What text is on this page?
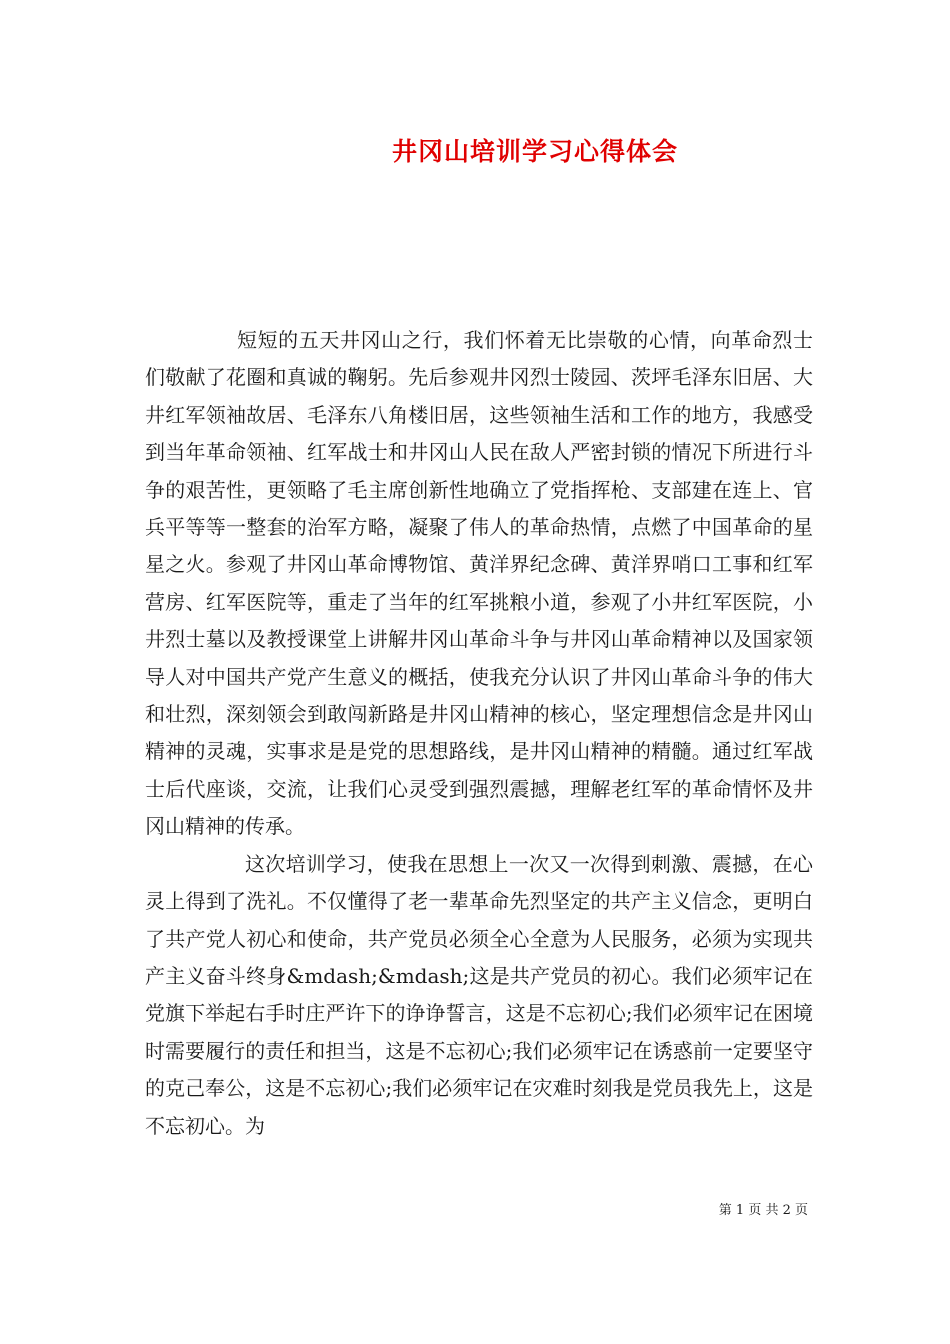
井冈山培训学习心得体会

短短的五天井冈山之行，我们怀着无比崇敬的心情，向革命烈士们敬献了花圈和真诚的鞠躬。先后参观井冈烈士陵园、茨坪毛泽东旧居、大井红军领袖故居、毛泽东八角楼旧居，这些领袖生活和工作的地方，我感受到当年革命领袖、红军战士和井冈山人民在敌人严密封锁的情况下所进行斗争的艰苦性，更领略了毛主席创新性地确立了党指挥枪、支部建在连上、官兵平等等一整套的治军方略，凝聚了伟人的革命热情，点燃了中国革命的星星之火。参观了井冈山革命博物馆、黄洋界纪念碑、黄洋界哨口工事和红军营房、红军医院等，重走了当年的红军挑粮小道，参观了小井红军医院，小井烈士墓以及教授课堂上讲解井冈山革命斗争与井冈山革命精神以及国家领导人对中国共产党产生意义的概括，使我充分认识了井冈山革命斗争的伟大和壮烈，深刻领会到敢闯新路是井冈山精神的核心，坚定理想信念是井冈山精神的灵魂，实事求是是党的思想路线，是井冈山精神的精髓。通过红军战士后代座谈，交流，让我们心灵受到强烈震撼，理解老红军的革命情怀及井冈山精神的传承。

这次培训学习，使我在思想上一次又一次得到刺激、震撼，在心灵上得到了洗礼。不仅懂得了老一辈革命先烈坚定的共产主义信念，更明白了共产党人初心和使命，共产党员必须全心全意为人民服务，必须为实现共产主义奋斗终身&mdash;&mdash;这是共产党员的初心。我们必须牢记在党旗下举起右手时庄严许下的诤诤誓言，这是不忘初心;我们必须牢记在困境时需要履行的责任和担当，这是不忘初心;我们必须牢记在诱惑前一定要坚守的克己奉公，这是不忘初心;我们必须牢记在灾难时刻我是党员我先上，这是不忘初心。为

第 1 页 共 2 页
